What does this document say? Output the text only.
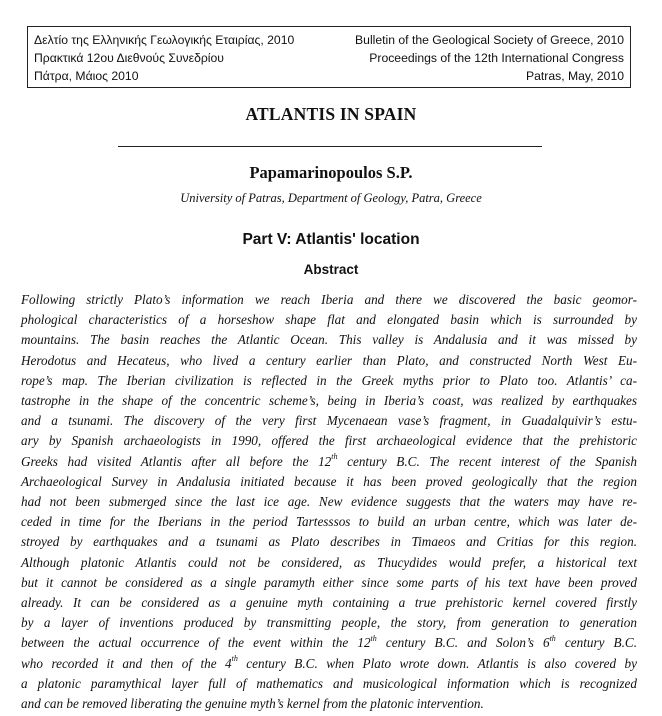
Δελτίο της Ελληνικής Γεωλογικής Εταιρίας, 2010
Πρακτικά 12ου Διεθνούς Συνεδρίου
Πάτρα, Μάιος 2010
Bulletin of the Geological Society of Greece, 2010
Proceedings of the 12th International Congress
Patras, May, 2010
ATLANTIS IN SPAIN
Papamarinopoulos S.P.
University of Patras, Department of Geology, Patra, Greece
Part V: Atlantis' location
Abstract
Following strictly Plato’s information we reach Iberia and there we discovered the basic geomor-
phological characteristics of a horseshow shape flat and elongated basin which is surrounded by
mountains. The basin reaches the Atlantic Ocean. This valley is Andalusia and it was missed by
Herodotus and Hecateus, who lived a century earlier than Plato, and constructed North West Eu-
rope’s map. The Iberian civilization is reflected in the Greek myths prior to Plato too. Atlantis’ ca-
tastrophe in the shape of the concentric scheme’s, being in Iberia’s coast, was realized by earthquakes
and a tsunami. The discovery of the very first Mycenaean vase’s fragment, in Guadalquivir’s estu-
ary by Spanish archaeologists in 1990, offered the first archaeological evidence that the prehistoric
Greeks had visited Atlantis after all before the 12th century B.C. The recent interest of the Spanish
Archaeological Survey in Andalusia initiated because it has been proved geologically that the region
had not been submerged since the last ice age. New evidence suggests that the waters may have re-
ceded in time for the Iberians in the period Tartesssos to build an urban centre, which was later de-
stroyed by earthquakes and a tsunami as Plato describes in Timaeos and Critias for this region.
Although platonic Atlantis could not be considered, as Thucydides would prefer, a historical text
but it cannot be considered as a single paramyth either since some parts of his text have been proved
already. It can be considered as a genuine myth containing a true prehistoric kernel covered firstly
by a layer of inventions produced by transmitting people, the story, from generation to generation
between the actual occurrence of the event within the 12th century B.C. and Solon’s 6th century B.C.
who recorded it and then of the 4th century B.C. when Plato wrote down. Atlantis is also covered by
a platonic paramythical layer full of mathematics and musicological information which is recognized
and can be removed liberating the genuine myth’s kernel from the platonic intervention.
